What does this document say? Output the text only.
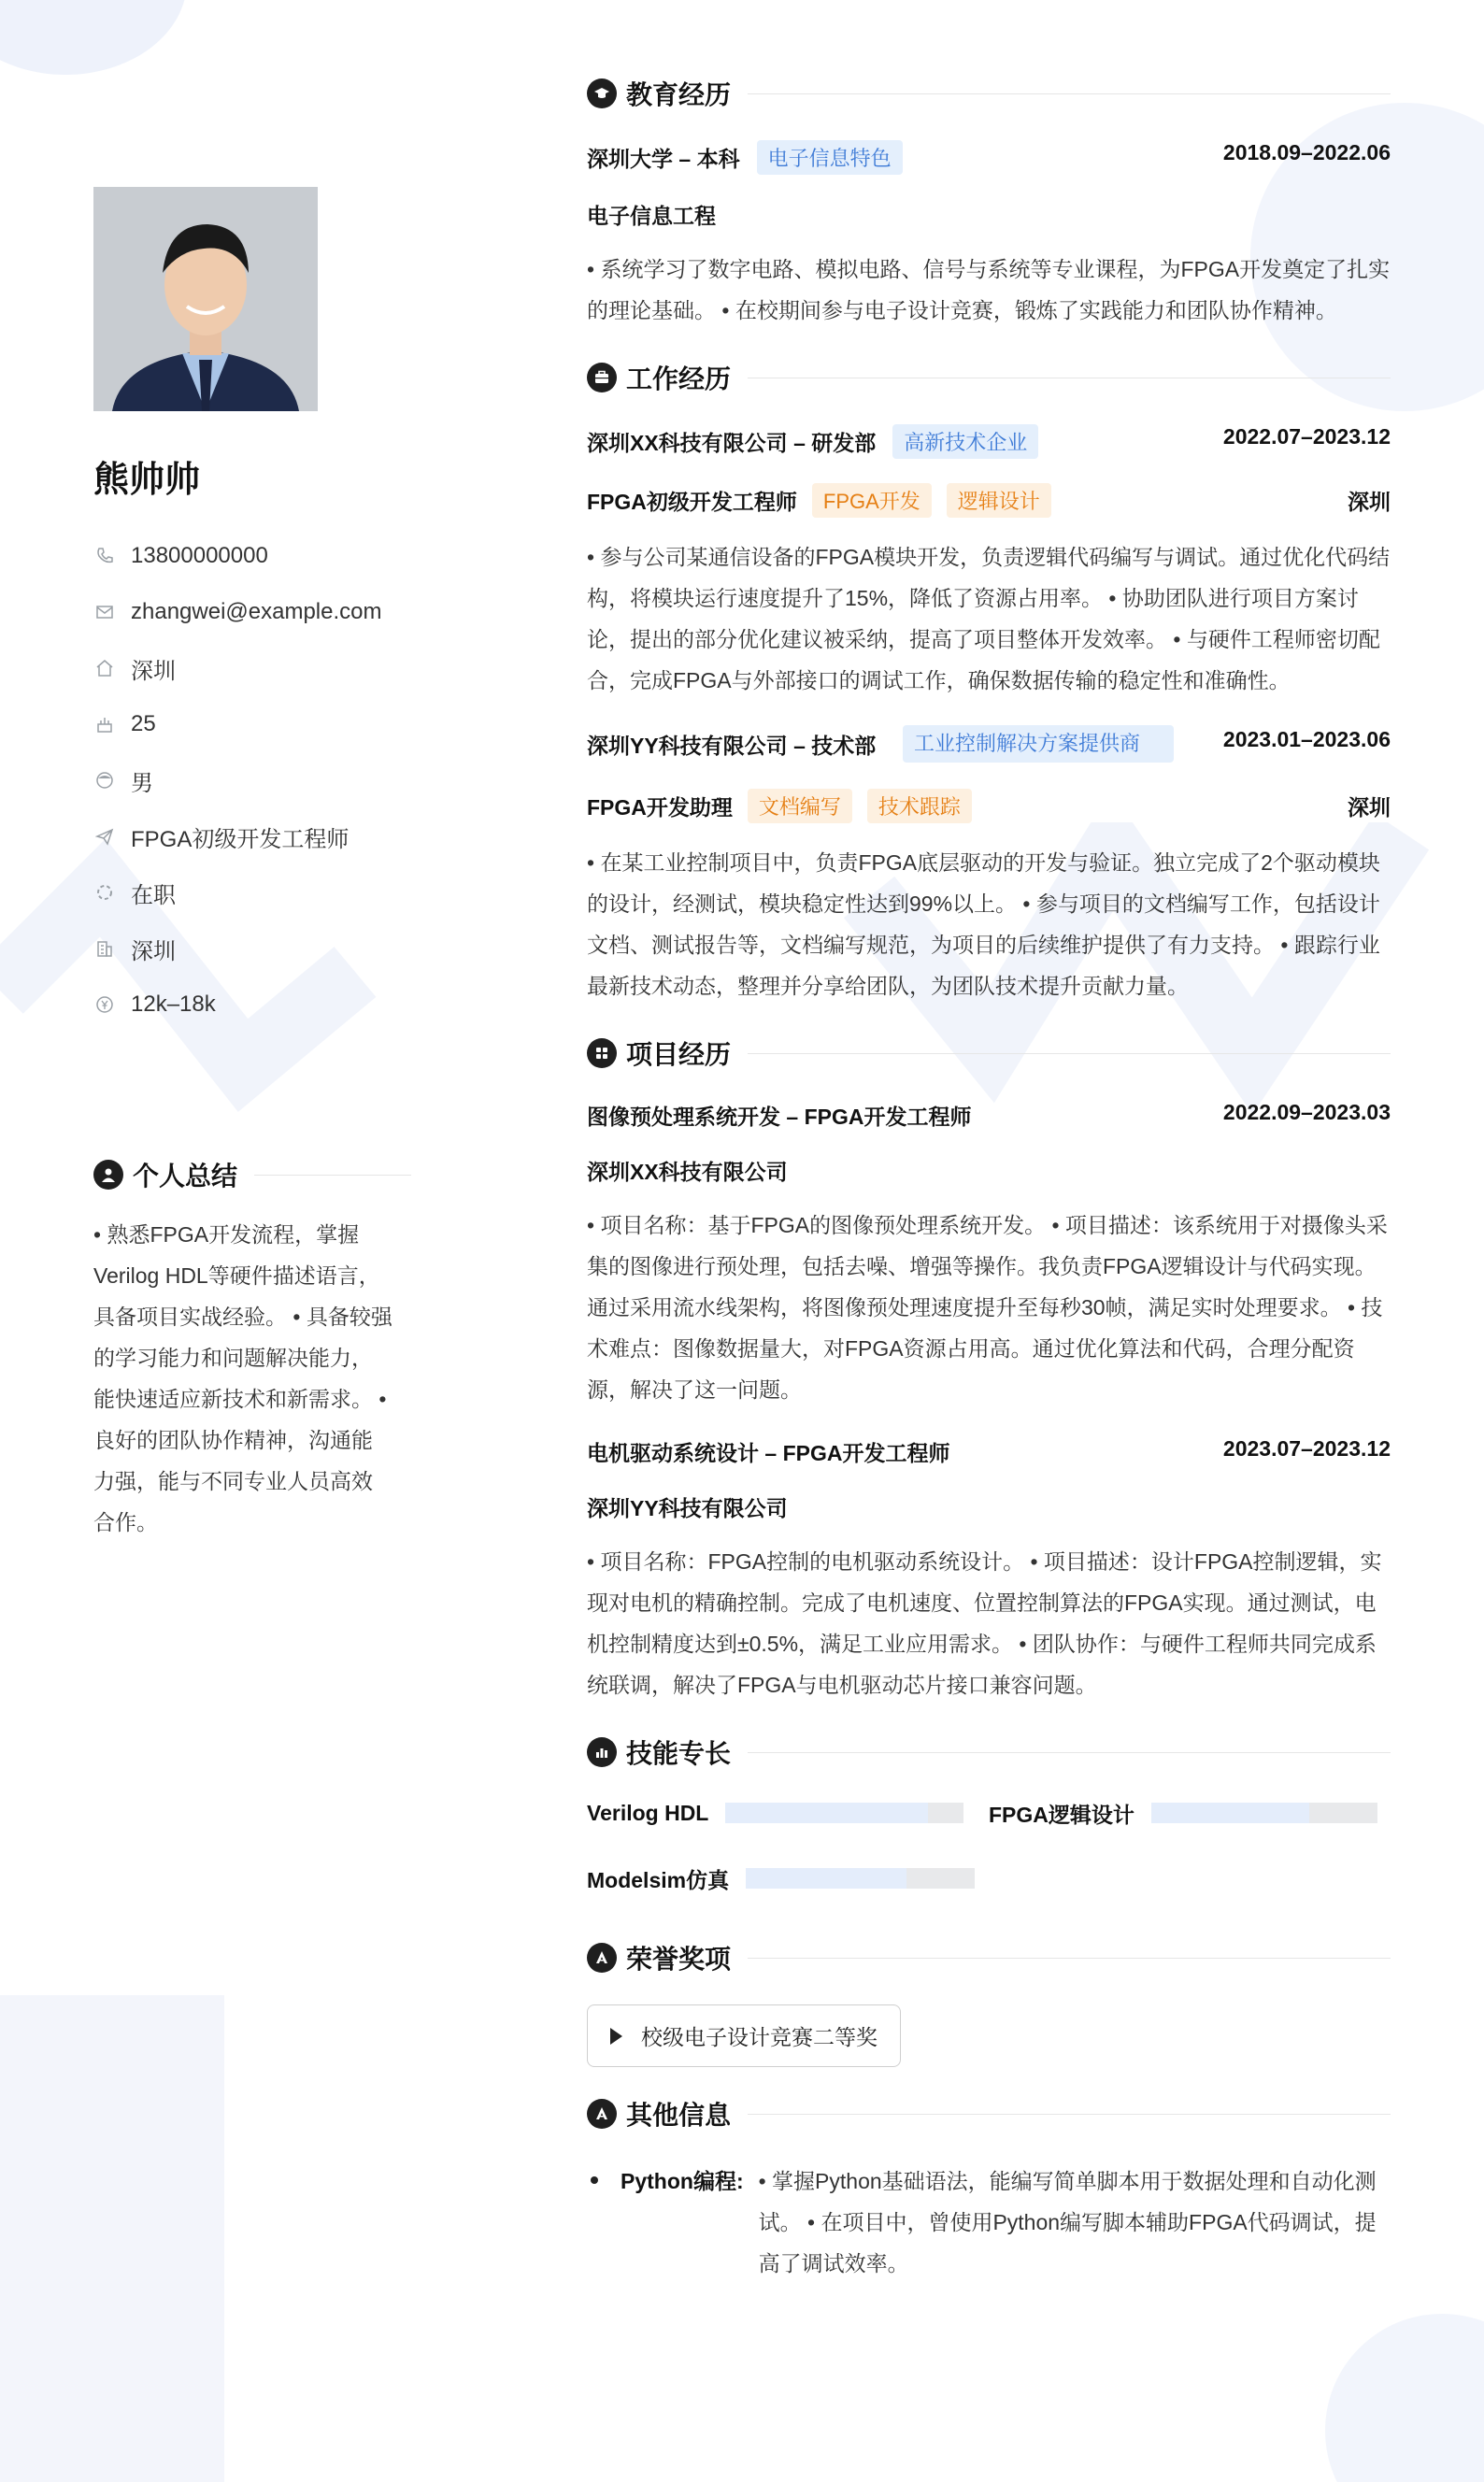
熊帅帅
13800000000
zhangwei@example.com
深圳
25
男
FPGA初级开发工程师
在职
深圳
12k–18k
个人总结

• 熟悉FPGA开发流程，掌握Verilog HDL等硬件描述语言，具备项目实战经验。 • 具备较强的学习能力和问题解决能力，能快速适应新技术和新需求。 • 良好的团队协作精神，沟通能力强，能与不同专业人员高效合作。

教育经历
深圳大学 – 本科	电子信息特色	2018.09–2022.06
电子信息工程

• 系统学习了数字电路、模拟电路、信号与系统等专业课程，为FPGA开发奠定了扎实的理论基础。 • 在校期间参与电子设计竞赛，锻炼了实践能力和团队协作精神。

工作经历
深圳XX科技有限公司 – 研发部	高新技术企业	2022.07–2023.12
FPGA初级开发工程师	FPGA开发	逻辑设计	深圳

• 参与公司某通信设备的FPGA模块开发，负责逻辑代码编写与调试。通过优化代码结构，将模块运行速度提升了15%，降低了资源占用率。 • 协助团队进行项目方案讨论，提出的部分优化建议被采纳，提高了项目整体开发效率。 • 与硬件工程师密切配合，完成FPGA与外部接口的调试工作，确保数据传输的稳定性和准确性。

深圳YY科技有限公司 – 技术部	工业控制解决方案提供商	2023.01–2023.06
FPGA开发助理	文档编写	技术跟踪	深圳

• 在某工业控制项目中，负责FPGA底层驱动的开发与验证。独立完成了2个驱动模块的设计，经测试，模块稳定性达到99%以上。 • 参与项目的文档编写工作，包括设计文档、测试报告等，文档编写规范，为项目的后续维护提供了有力支持。 • 跟踪行业最新技术动态，整理并分享给团队，为团队技术提升贡献力量。

项目经历
图像预处理系统开发 – FPGA开发工程师	2022.09–2023.03
深圳XX科技有限公司

• 项目名称：基于FPGA的图像预处理系统开发。 • 项目描述：该系统用于对摄像头采集的图像进行预处理，包括去噪、增强等操作。我负责FPGA逻辑设计与代码实现。通过采用流水线架构，将图像预处理速度提升至每秒30帧，满足实时处理要求。 • 技术难点：图像数据量大，对FPGA资源占用高。通过优化算法和代码，合理分配资源，解决了这一问题。

电机驱动系统设计 – FPGA开发工程师	2023.07–2023.12
深圳YY科技有限公司

• 项目名称：FPGA控制的电机驱动系统设计。 • 项目描述：设计FPGA控制逻辑，实现对电机的精确控制。完成了电机速度、位置控制算法的FPGA实现。通过测试，电机控制精度达到±0.5%，满足工业应用需求。 • 团队协作：与硬件工程师共同完成系统联调，解决了FPGA与电机驱动芯片接口兼容问题。

技能专长
Verilog HDL	FPGA逻辑设计
Modelsim仿真
荣誉奖项
校级电子设计竞赛二等奖
其他信息
Python编程: • 掌握Python基础语法，能编写简单脚本用于数据处理和自动化测试。 • 在项目中，曾使用Python编写脚本辅助FPGA代码调试，提高了调试效率。
